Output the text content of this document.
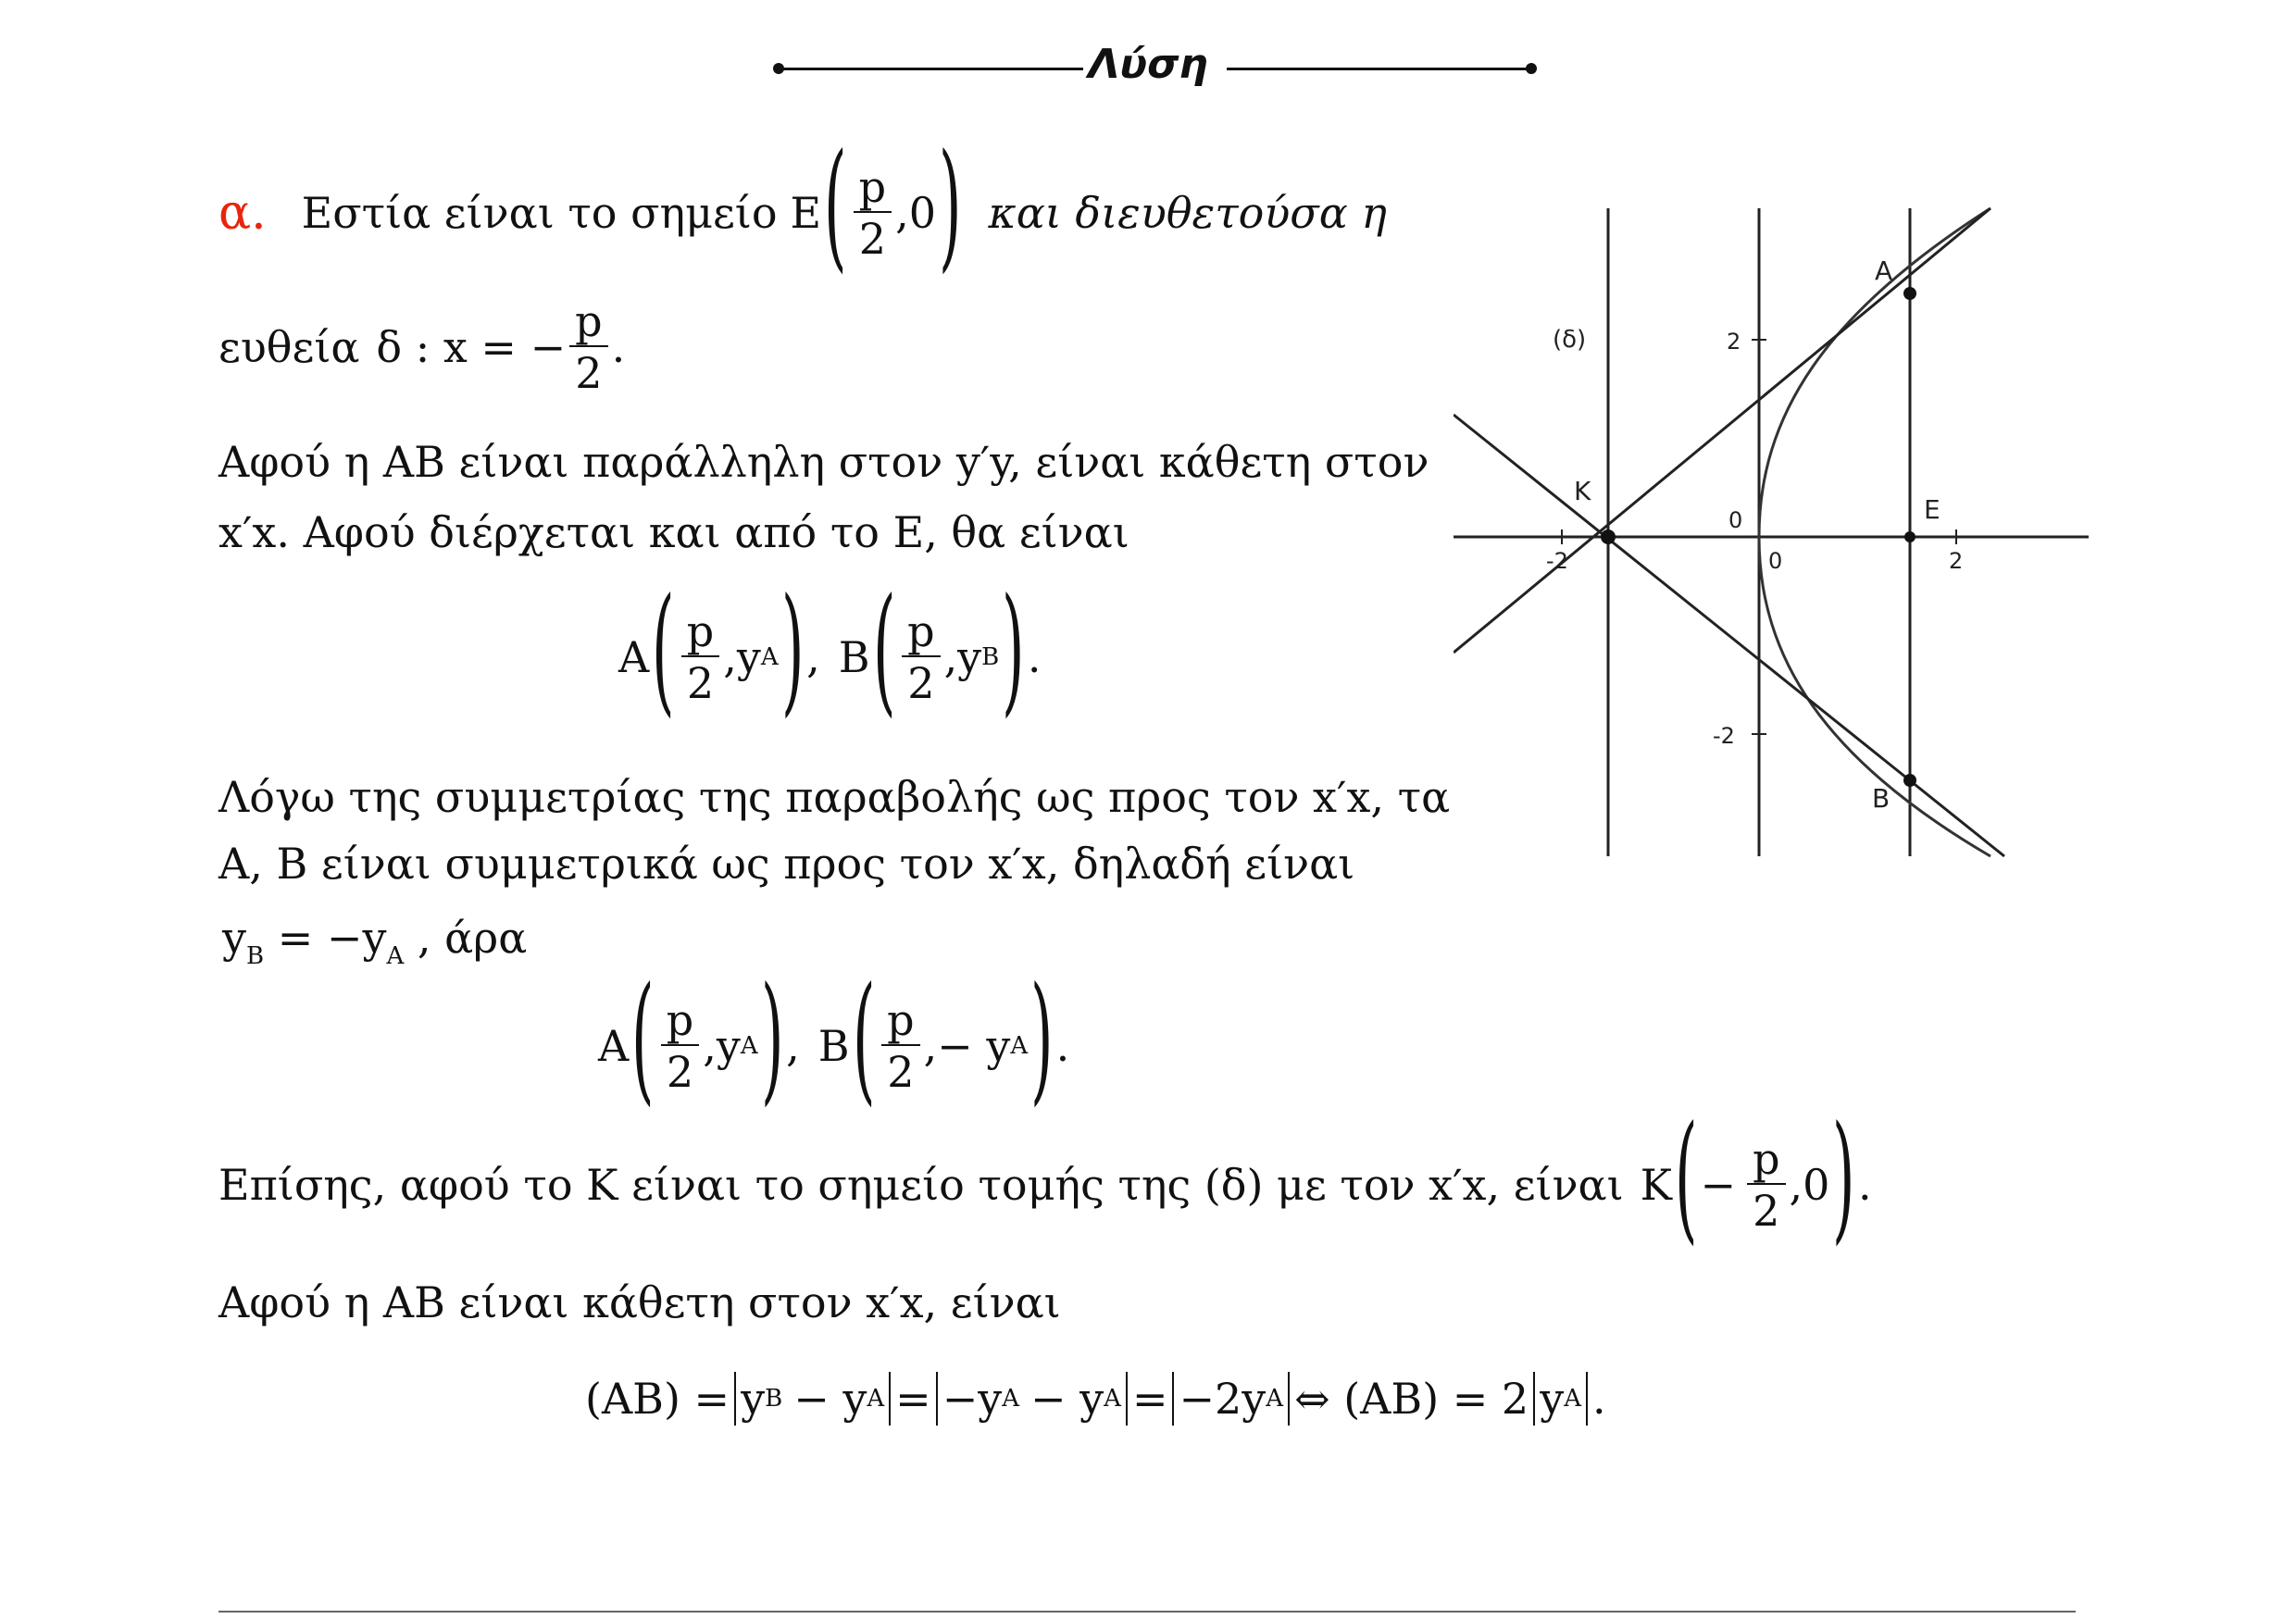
Λύση
α. Εστία είναι το σημείο E ( $\frac{p}{2} ,0$ ) και διευθετούσα η
ευθεία δ : x = − $\frac{p}{2}$ .
Αφού η ΑΒ είναι παράλληλη στον y′y, είναι κάθετη στον
x′x. Αφού διέρχεται και από το Ε, θα είναι
A ( $\frac{p}{2} ,y$ A ) , B ( $\frac{p}{2} ,y$ B ) .
Λόγω της συμμετρίας της παραβολής ως προς τον x′x, τα
Α, Β είναι συμμετρικά ως προς τον x′x, δηλαδή είναι
$y_B = -y_A$ , άρα
A ( $\frac{p}{2} ,y$ A ) , B ( $\frac{p}{2}$ ,− y A ) .
Επίσης, αφού το Κ είναι το σημείο τομής της (δ) με τον x′x, είναι K ( − $\frac{p}{2} ,0$ ) .
Αφού η ΑΒ είναι κάθετη στον x′x, είναι
(AB) = y B − y A = −y A − y A = −2y A ⇔ (AB) = 2 y A .
(δ)
A
B
K
E
2
0
-2
-2	0	2
